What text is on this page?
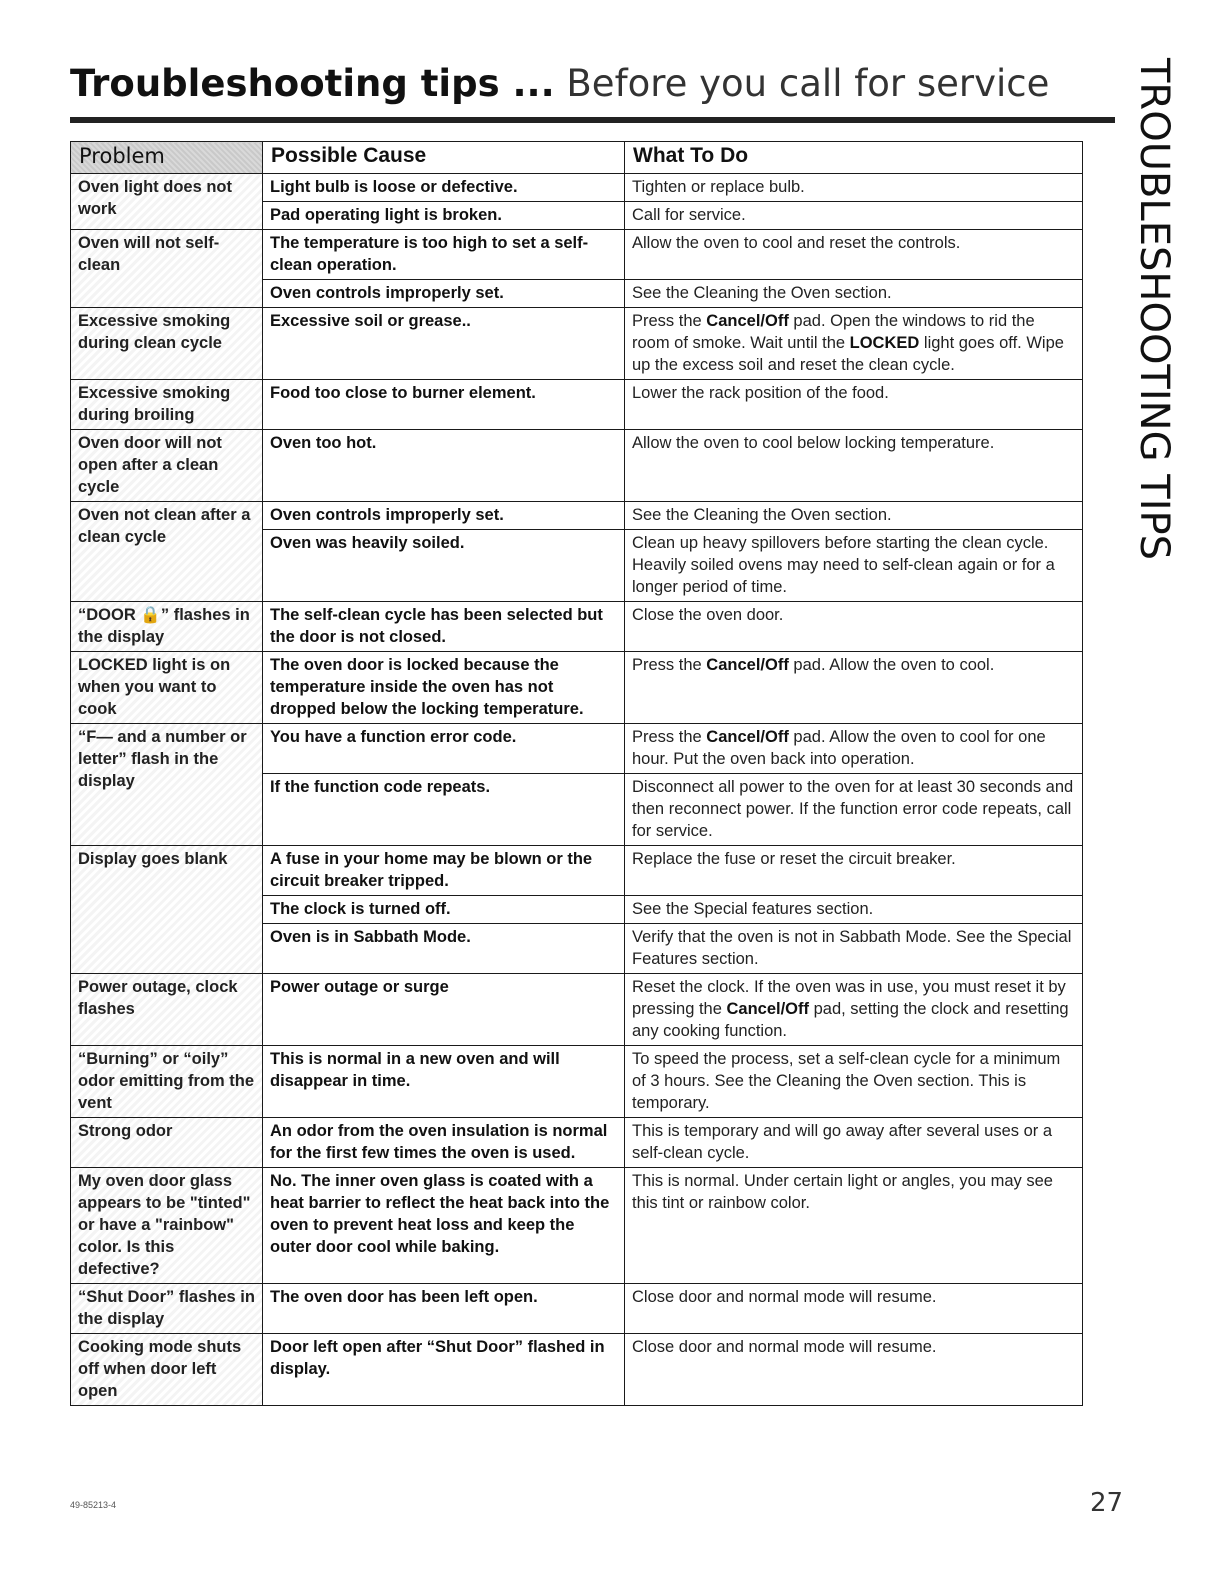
Troubleshooting tips ... Before you call for service TROUBLESHOOTING TIPS
Problem	Possible Cause	What To Do
Oven light does not work	Light bulb is loose or defective.	Tighten or replace bulb.
	Pad operating light is broken.	Call for service.
Oven will not self-clean	The temperature is too high to set a self-clean operation.	Allow the oven to cool and reset the controls.
	Oven controls improperly set.	See the Cleaning the Oven section.
Excessive smoking during clean cycle	Excessive soil or grease..	Press the Cancel/Off pad. Open the windows to rid the room of smoke. Wait until the LOCKED light goes off. Wipe up the excess soil and reset the clean cycle.
Excessive smoking during broiling	Food too close to burner element.	Lower the rack position of the food.
Oven door will not open after a clean cycle	Oven too hot.	Allow the oven to cool below locking temperature.
Oven not clean after a clean cycle	Oven controls improperly set.	See the Cleaning the Oven section.
	Oven was heavily soiled.	Clean up heavy spillovers before starting the clean cycle. Heavily soiled ovens may need to self-clean again or for a longer period of time.
“DOOR 🔒” flashes in the display	The self-clean cycle has been selected but the door is not closed.	Close the oven door.
LOCKED light is on when you want to cook	The oven door is locked because the temperature inside the oven has not dropped below the locking temperature.	Press the Cancel/Off pad. Allow the oven to cool.
“F— and a number or letter” flash in the display	You have a function error code.	Press the Cancel/Off pad. Allow the oven to cool for one hour. Put the oven back into operation.
	If the function code repeats.	Disconnect all power to the oven for at least 30 seconds and then reconnect power. If the function error code repeats, call for service.
Display goes blank	A fuse in your home may be blown or the circuit breaker tripped.	Replace the fuse or reset the circuit breaker.
	The clock is turned off.	See the Special features section.
	Oven is in Sabbath Mode.	Verify that the oven is not in Sabbath Mode. See the Special Features section.
Power outage, clock flashes	Power outage or surge	Reset the clock. If the oven was in use, you must reset it by pressing the Cancel/Off pad, setting the clock and resetting any cooking function.
“Burning” or “oily” odor emitting from the vent	This is normal in a new oven and will disappear in time.	To speed the process, set a self-clean cycle for a minimum of 3 hours. See the Cleaning the Oven section. This is temporary.
Strong odor	An odor from the oven insulation is normal for the first few times the oven is used.	This is temporary and will go away after several uses or a self-clean cycle.
My oven door glass appears to be "tinted" or have a "rainbow" color. Is this defective?	No. The inner oven glass is coated with a heat barrier to reflect the heat back into the oven to prevent heat loss and keep the outer door cool while baking.	This is normal. Under certain light or angles, you may see this tint or rainbow color.
“Shut Door” flashes in the display	The oven door has been left open.	Close door and normal mode will resume.
Cooking mode shuts off when door left open	Door left open after “Shut Door” flashed in display.	Close door and normal mode will resume.
49-85213-4	27
